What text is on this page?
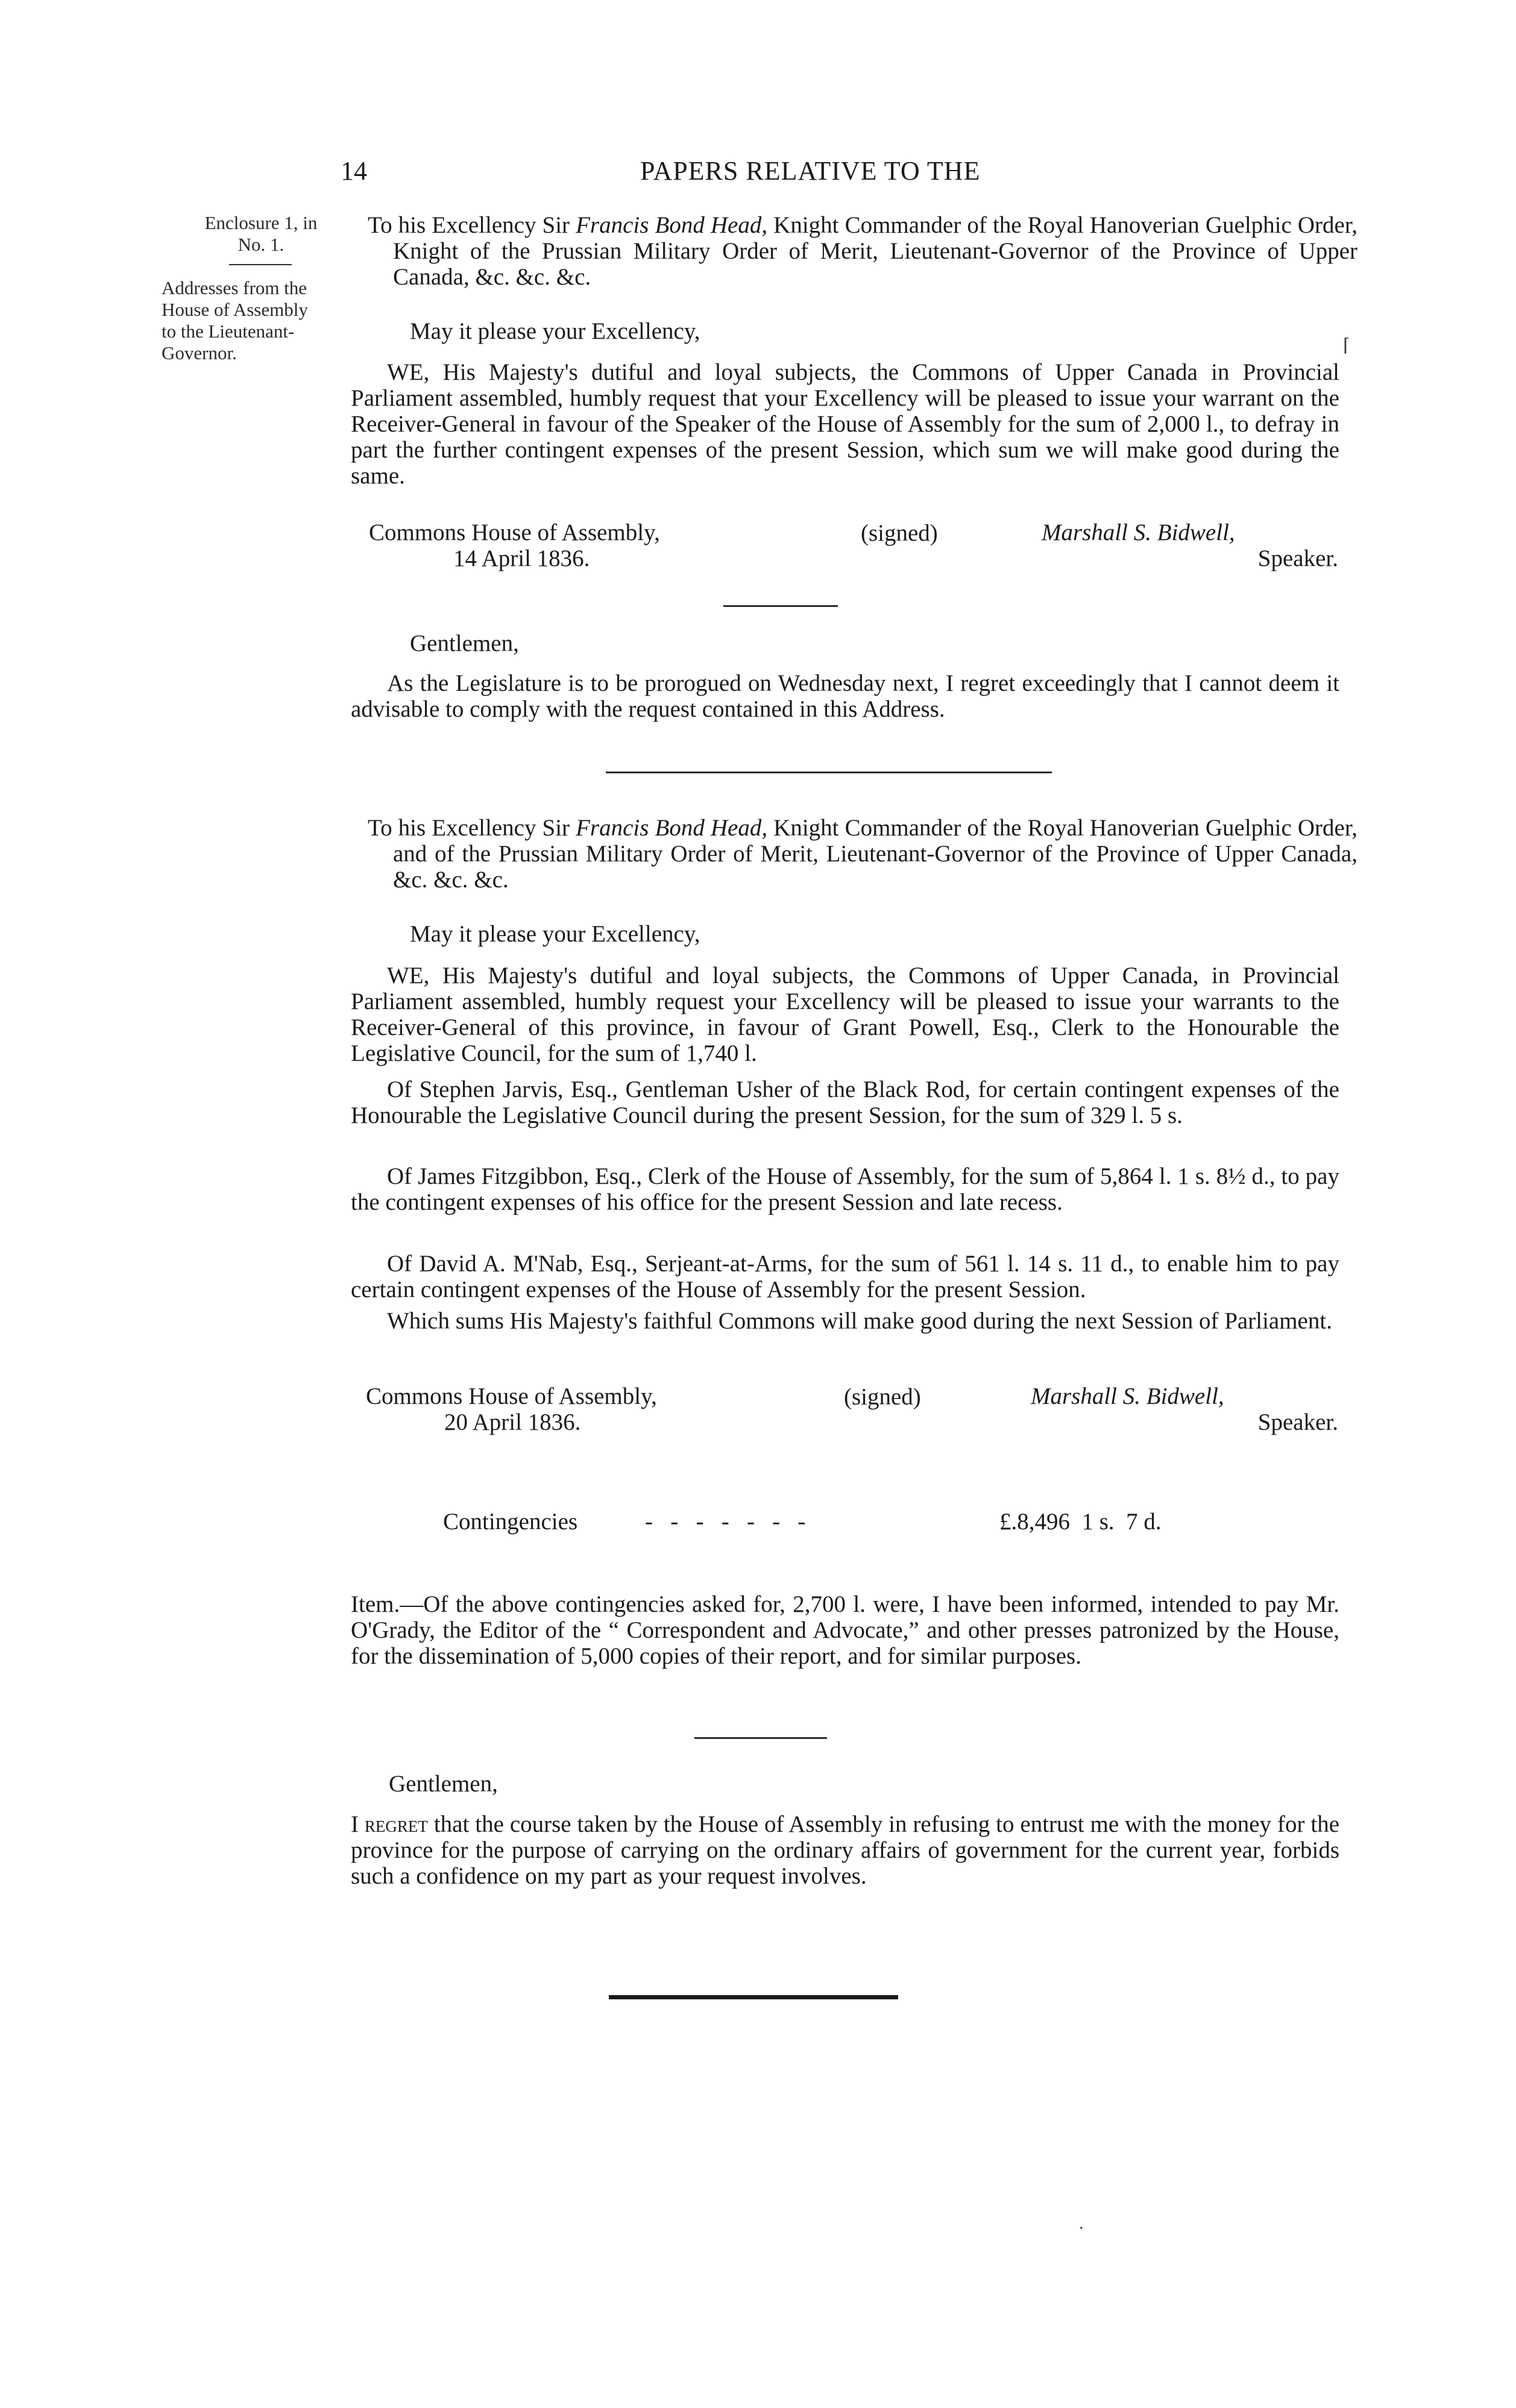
14	PAPERS RELATIVE TO THE
Enclosure 1, in
No. 1.
Addresses from the
House of Assembly
to the Lieutenant-
Governor.
To his Excellency Sir Francis Bond Head, Knight Commander of the Royal Hanoverian Guelphic Order, Knight of the Prussian Military Order of Merit, Lieutenant-Governor of the Province of Upper Canada, &c. &c. &c.
May it please your Excellency,
WE, His Majesty's dutiful and loyal subjects, the Commons of Upper Canada in Provincial Parliament assembled, humbly request that your Excellency will be pleased to issue your warrant on the Receiver-General in favour of the Speaker of the House of Assembly for the sum of 2,000 l., to defray in part the further contingent expenses of the present Session, which sum we will make good during the same.
Commons House of Assembly,
14 April 1836.
(signed)	Marshall S. Bidwell,
Speaker.
Gentlemen,
As the Legislature is to be prorogued on Wednesday next, I regret exceedingly that I cannot deem it advisable to comply with the request contained in this Address.
To his Excellency Sir Francis Bond Head, Knight Commander of the Royal Hanoverian Guelphic Order, and of the Prussian Military Order of Merit, Lieutenant-Governor of the Province of Upper Canada, &c. &c. &c.
May it please your Excellency,
WE, His Majesty's dutiful and loyal subjects, the Commons of Upper Canada, in Provincial Parliament assembled, humbly request your Excellency will be pleased to issue your warrants to the Receiver-General of this province, in favour of Grant Powell, Esq., Clerk to the Honourable the Legislative Council, for the sum of 1,740 l.
Of Stephen Jarvis, Esq., Gentleman Usher of the Black Rod, for certain contingent expenses of the Honourable the Legislative Council during the present Session, for the sum of 329 l. 5 s.
Of James Fitzgibbon, Esq., Clerk of the House of Assembly, for the sum of 5,864 l. 1 s. 8½ d., to pay the contingent expenses of his office for the present Session and late recess.
Of David A. M'Nab, Esq., Serjeant-at-Arms, for the sum of 561 l. 14 s. 11 d., to enable him to pay certain contingent expenses of the House of Assembly for the present Session.
Which sums His Majesty's faithful Commons will make good during the next Session of Parliament.
Commons House of Assembly,
20 April 1836.
(signed)	Marshall S. Bidwell,
Speaker.
Contingencies	-   -   -   -   -   -   -	£.8,496  1 s.  7 d.
Item.—Of the above contingencies asked for, 2,700 l. were, I have been informed, intended to pay Mr. O'Grady, the Editor of the “ Correspondent and Advocate,” and other presses patronized by the House, for the dissemination of 5,000 copies of their report, and for similar purposes.
Gentlemen,
I regret that the course taken by the House of Assembly in refusing to entrust me with the money for the province for the purpose of carrying on the ordinary affairs of government for the current year, forbids such a confidence on my part as your request involves.
⌈
∙
